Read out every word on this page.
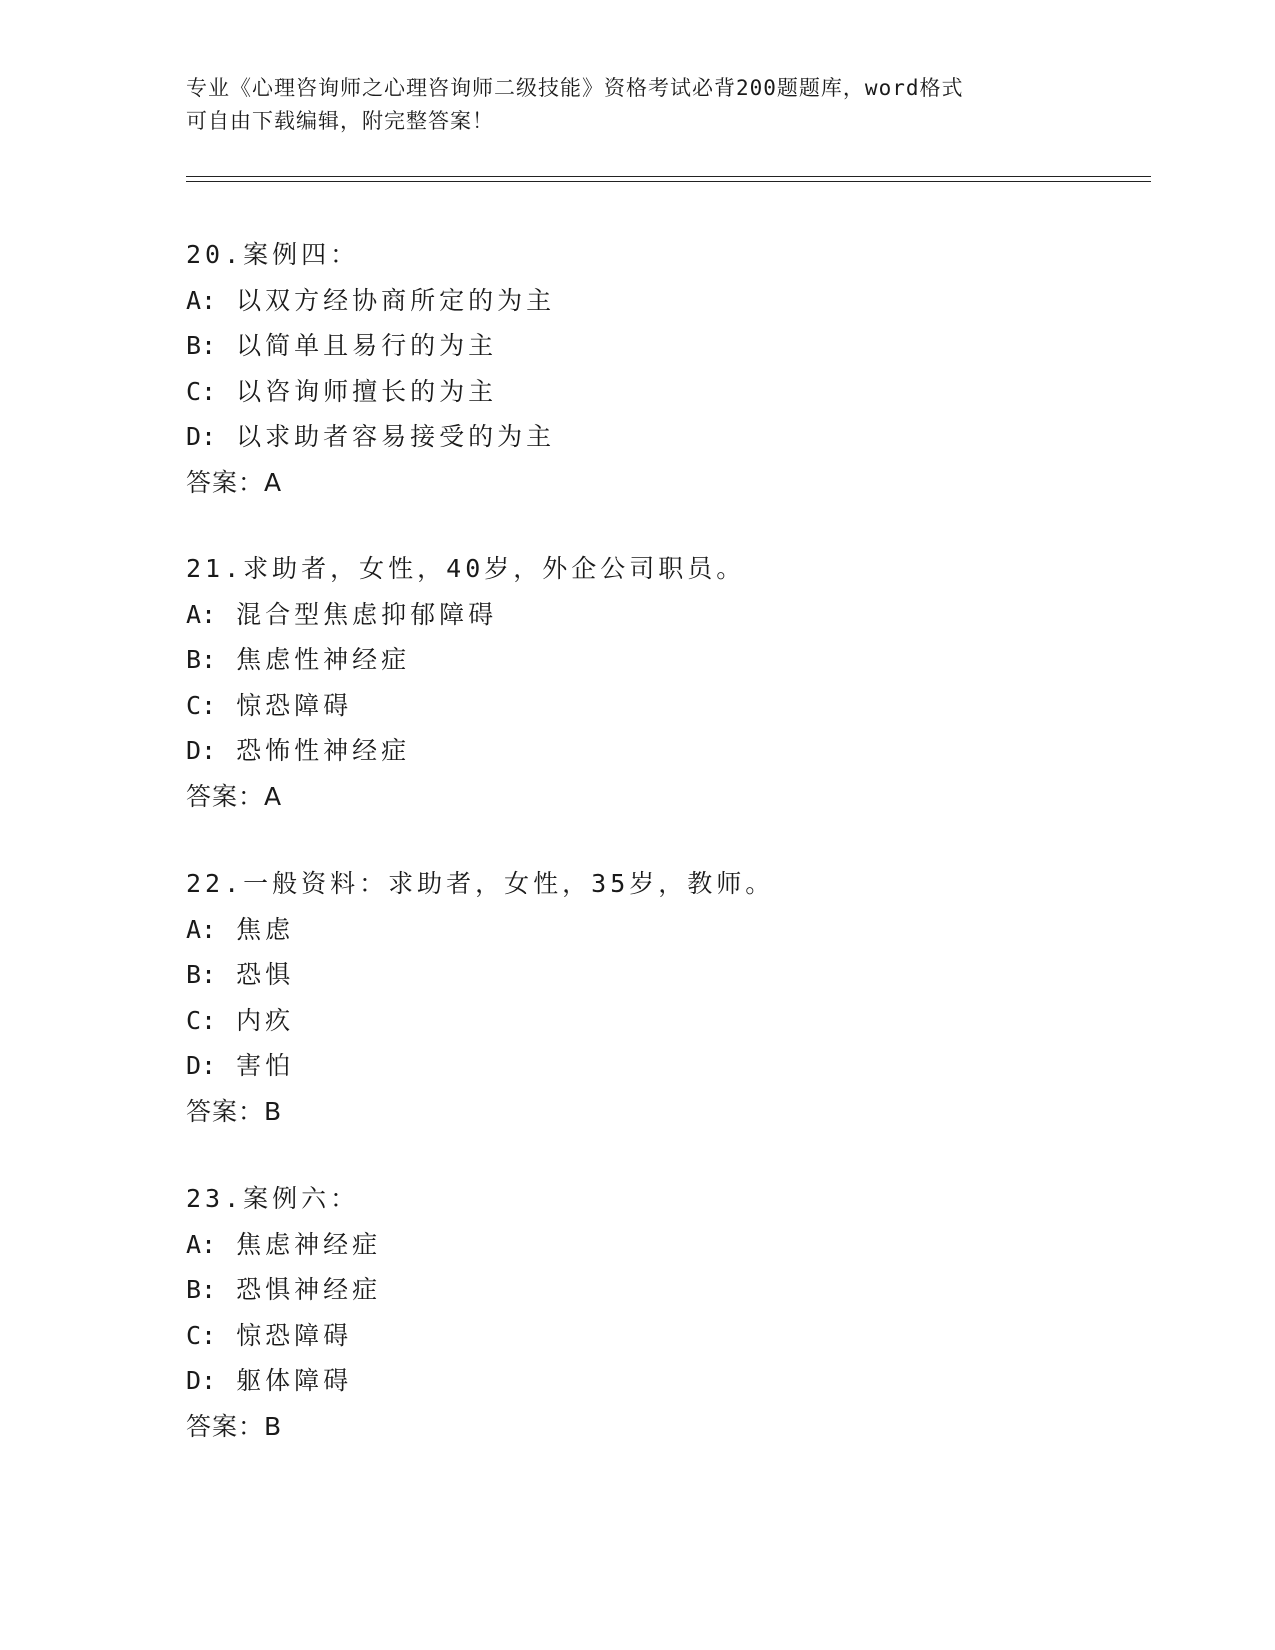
专业《心理咨询师之心理咨询师二级技能》资格考试必背200题题库，word格式
可自由下载编辑，附完整答案！
20.案例四：
A: 以双方经协商所定的为主
B: 以简单且易行的为主
C: 以咨询师擅长的为主
D: 以求助者容易接受的为主
答案：A
21.求助者，女性，40岁，外企公司职员。
A: 混合型焦虑抑郁障碍
B: 焦虑性神经症
C: 惊恐障碍
D: 恐怖性神经症
答案：A
22.一般资料：求助者，女性，35岁，教师。
A: 焦虑
B: 恐惧
C: 内疚
D: 害怕
答案：B
23.案例六：
A: 焦虑神经症
B: 恐惧神经症
C: 惊恐障碍
D: 躯体障碍
答案：B
